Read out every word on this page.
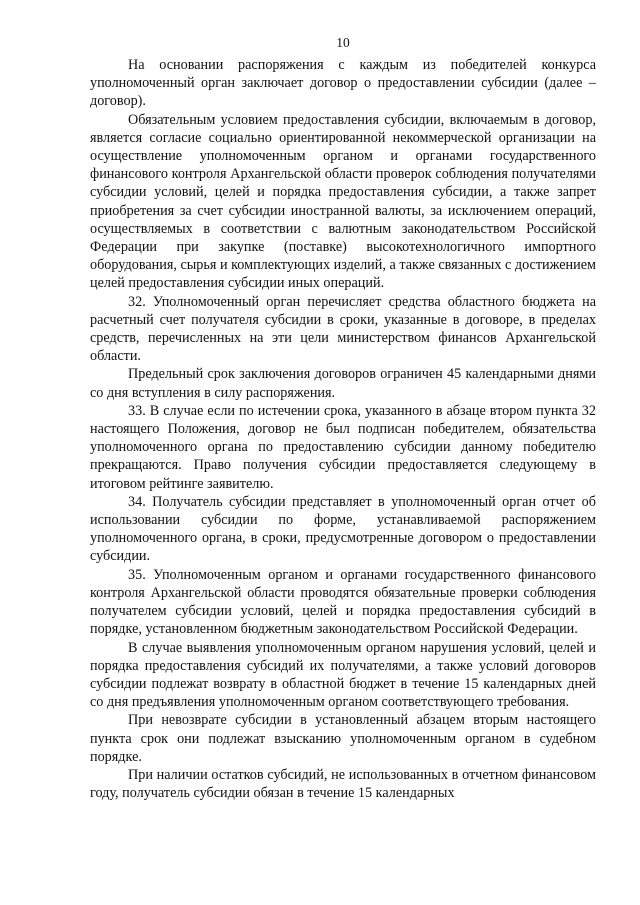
10

На основании распоряжения с каждым из победителей конкурса уполномоченный орган заключает договор о предоставлении субсидии (далее – договор).

Обязательным условием предоставления субсидии, включаемым в договор, является согласие социально ориентированной некоммерческой организации на осуществление уполномоченным органом и органами государственного финансового контроля Архангельской области проверок соблюдения получателями субсидии условий, целей и порядка предоставления субсидии, а также запрет приобретения за счет субсидии иностранной валюты, за исключением операций, осуществляемых в соответствии с валютным законодательством Российской Федерации при закупке (поставке) высокотехнологичного импортного оборудования, сырья и комплектующих изделий, а также связанных с достижением целей предоставления субсидии иных операций.

32. Уполномоченный орган перечисляет средства областного бюджета на расчетный счет получателя субсидии в сроки, указанные в договоре, в пределах средств, перечисленных на эти цели министерством финансов Архангельской области.

Предельный срок заключения договоров ограничен 45 календарными днями со дня вступления в силу распоряжения.

33. В случае если по истечении срока, указанного в абзаце втором пункта 32 настоящего Положения, договор не был подписан победителем, обязательства уполномоченного органа по предоставлению субсидии данному победителю прекращаются. Право получения субсидии предоставляется следующему в итоговом рейтинге заявителю.

34. Получатель субсидии представляет в уполномоченный орган отчет об использовании субсидии по форме, устанавливаемой распоряжением уполномоченного органа, в сроки, предусмотренные договором о предоставлении субсидии.

35. Уполномоченным органом и органами государственного финансового контроля Архангельской области проводятся обязательные проверки соблюдения получателем субсидии условий, целей и порядка предоставления субсидий в порядке, установленном бюджетным законодательством Российской Федерации.

В случае выявления уполномоченным органом нарушения условий, целей и порядка предоставления субсидий их получателями, а также условий договоров субсидии подлежат возврату в областной бюджет в течение 15 календарных дней со дня предъявления уполномоченным органом соответствующего требования.

При невозврате субсидии в установленный абзацем вторым настоящего пункта срок они подлежат взысканию уполномоченным органом в судебном порядке.

При наличии остатков субсидий, не использованных в отчетном финансовом году, получатель субсидии обязан в течение 15 календарных
